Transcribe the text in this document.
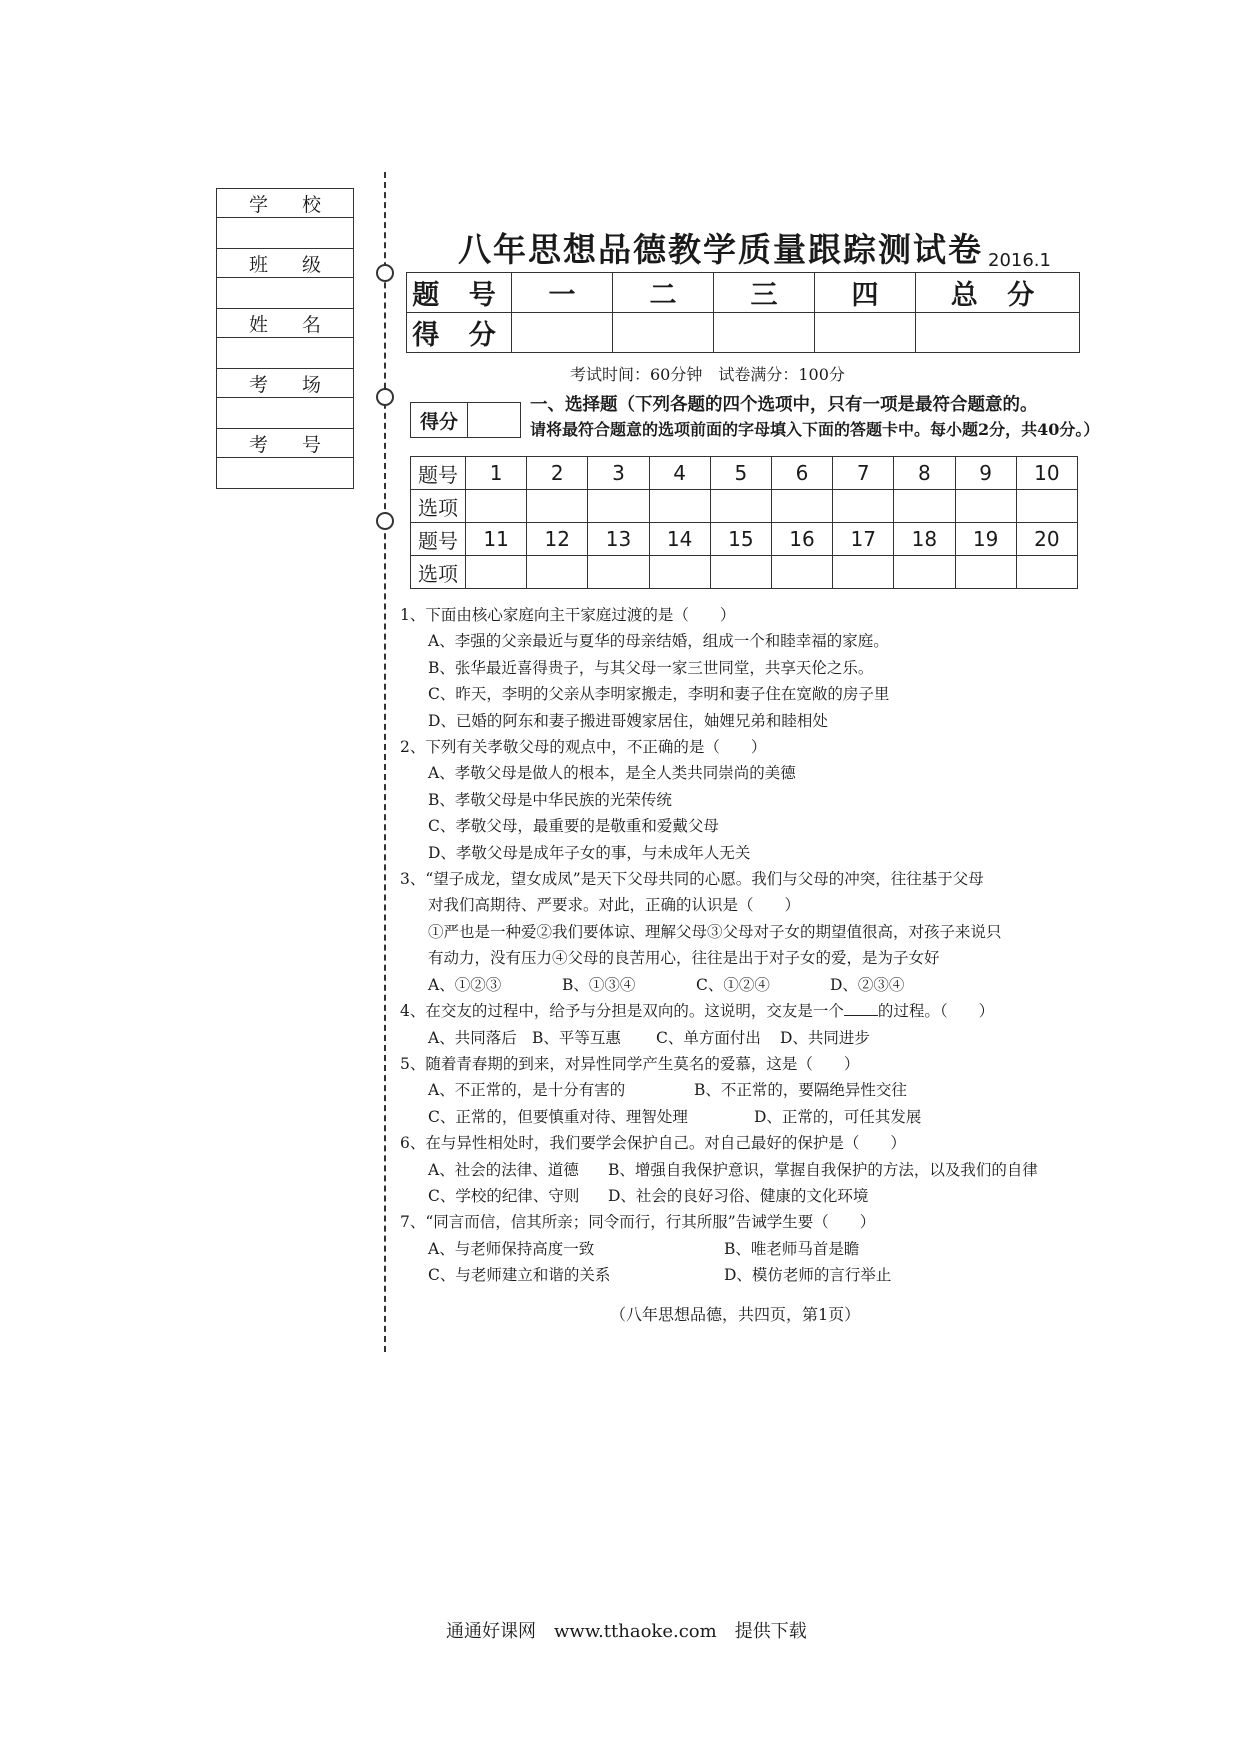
学 校
班 级
姓 名
考 场
考 号
八年思想品德教学质量跟踪测试卷 2016.1
题 号	一	二	三	四	总 分
得 分					
考试时间：60分钟　试卷满分：100分
得分	
一、选择题（下列各题的四个选项中，只有一项是最符合题意的。
请将最符合题意的选项前面的字母填入下面的答题卡中。每小题2分，共40分。）
题号	1	2	3	4	5	6	7	8	9	10
选项										
题号	11	12	13	14	15	16	17	18	19	20
选项										

1、下面由核心家庭向主干家庭过渡的是（　　）

A、李强的父亲最近与夏华的母亲结婚，组成一个和睦幸福的家庭。

B、张华最近喜得贵子，与其父母一家三世同堂，共享天伦之乐。

C、昨天，李明的父亲从李明家搬走，李明和妻子住在宽敞的房子里

D、已婚的阿东和妻子搬进哥嫂家居住，妯娌兄弟和睦相处

2、下列有关孝敬父母的观点中，不正确的是（　　）

A、孝敬父母是做人的根本，是全人类共同崇尚的美德

B、孝敬父母是中华民族的光荣传统

C、孝敬父母，最重要的是敬重和爱戴父母

D、孝敬父母是成年子女的事，与未成年人无关

3、“望子成龙，望女成凤”是天下父母共同的心愿。我们与父母的冲突，往往基于父母

对我们高期待、严要求。对此，正确的认识是（　　）

①严也是一种爱②我们要体谅、理解父母③父母对子女的期望值很高，对孩子来说只

有动力，没有压力④父母的良苦用心，往往是出于对子女的爱，是为子女好

A、①②③	B、①③④	C、①②④	D、②③④

4、在交友的过程中，给予与分担是双向的。这说明，交友是一个 的过程。（　　）

A、共同落后 B、平等互惠	C、单方面付出	D、共同进步

5、随着青春期的到来，对异性同学产生莫名的爱慕，这是（　　）

A、不正常的，是十分有害的	B、不正常的，要隔绝异性交往

C、正常的，但要慎重对待、理智处理	D、正常的，可任其发展

6、在与异性相处时，我们要学会保护自己。对自己最好的保护是（　　）

A、社会的法律、道德	B、增强自我保护意识，掌握自我保护的方法，以及我们的自律

C、学校的纪律、守则	D、社会的良好习俗、健康的文化环境

7、“同言而信，信其所亲；同令而行，行其所服”告诫学生要（　　）

A、与老师保持高度一致	B、唯老师马首是瞻

C、与老师建立和谐的关系	D、模仿老师的言行举止

（八年思想品德，共四页，第1页）
通通好课网　www.tthaoke.com　提供下载
